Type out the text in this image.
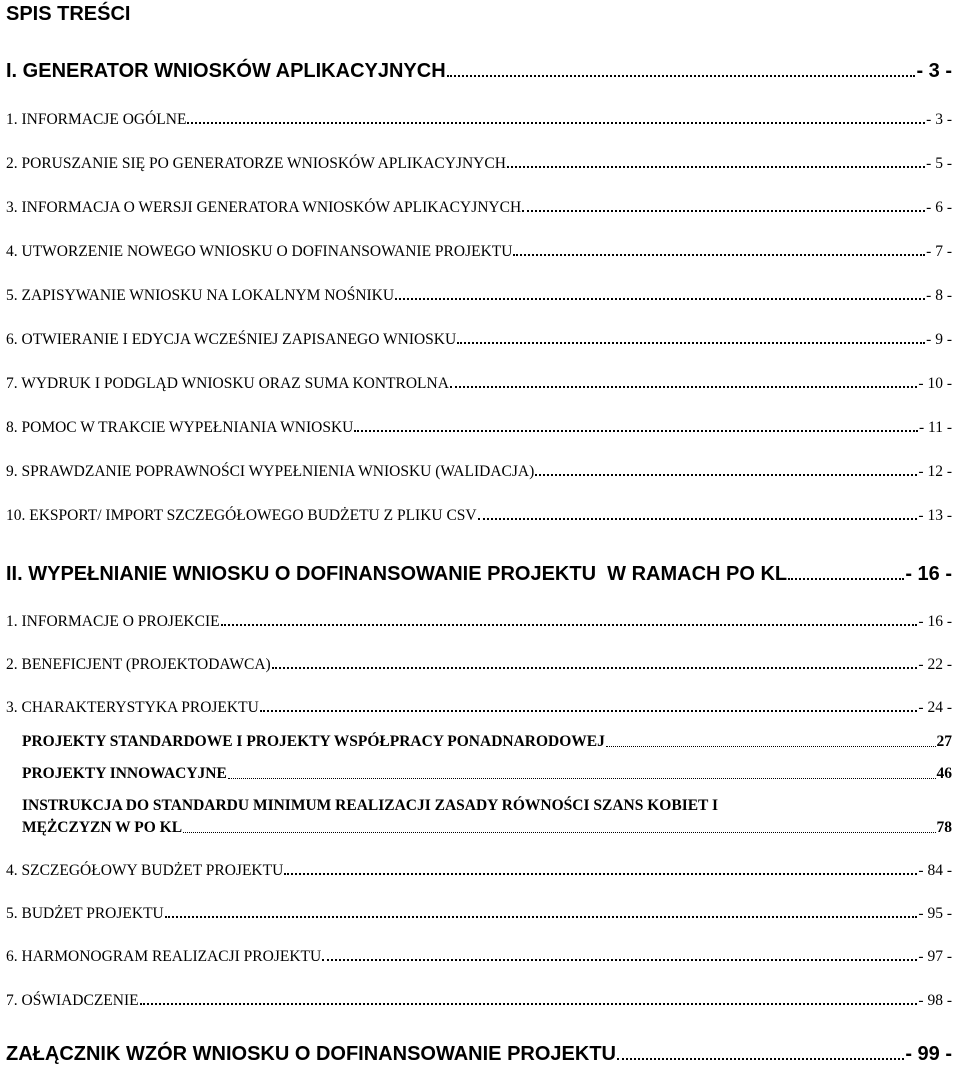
SPIS TREŚCI
I. GENERATOR WNIOSKÓW APLIKACYJNYCH	- 3 -
1. INFORMACJE OGÓLNE	- 3 -
2. PORUSZANIE SIĘ PO GENERATORZE WNIOSKÓW APLIKACYJNYCH	- 5 -
3. INFORMACJA O WERSJI GENERATORA WNIOSKÓW APLIKACYJNYCH	- 6 -
4. UTWORZENIE NOWEGO WNIOSKU O DOFINANSOWANIE PROJEKTU	- 7 -
5. ZAPISYWANIE WNIOSKU NA LOKALNYM NOŚNIKU	- 8 -
6. OTWIERANIE I EDYCJA WCZEŚNIEJ ZAPISANEGO WNIOSKU	- 9 -
7. WYDRUK I PODGLĄD WNIOSKU ORAZ SUMA KONTROLNA	- 10 -
8. POMOC W TRAKCIE WYPEŁNIANIA WNIOSKU	- 11 -
9. SPRAWDZANIE POPRAWNOŚCI WYPEŁNIENIA WNIOSKU (WALIDACJA)	- 12 -
10. EKSPORT/ IMPORT SZCZEGÓŁOWEGO BUDŻETU Z PLIKU CSV	- 13 -
II. WYPEŁNIANIE WNIOSKU O DOFINANSOWANIE PROJEKTU  W RAMACH PO KL	- 16 -
1. INFORMACJE O PROJEKCIE	- 16 -
2. BENEFICJENT (PROJEKTODAWCA)	- 22 -
3. CHARAKTERYSTYKA PROJEKTU	- 24 -
PROJEKTY STANDARDOWE I PROJEKTY WSPÓŁPRACY PONADNARODOWEJ	27
PROJEKTY INNOWACYJNE	46
INSTRUKCJA DO STANDARDU MINIMUM REALIZACJI ZASADY RÓWNOŚCI SZANS KOBIET I
MĘŻCZYZN W PO KL	78
4. SZCZEGÓŁOWY BUDŻET PROJEKTU	- 84 -
5. BUDŻET PROJEKTU	- 95 -
6. HARMONOGRAM REALIZACJI PROJEKTU	- 97 -
7. OŚWIADCZENIE	- 98 -
ZAŁĄCZNIK WZÓR WNIOSKU O DOFINANSOWANIE PROJEKTU	- 99 -
